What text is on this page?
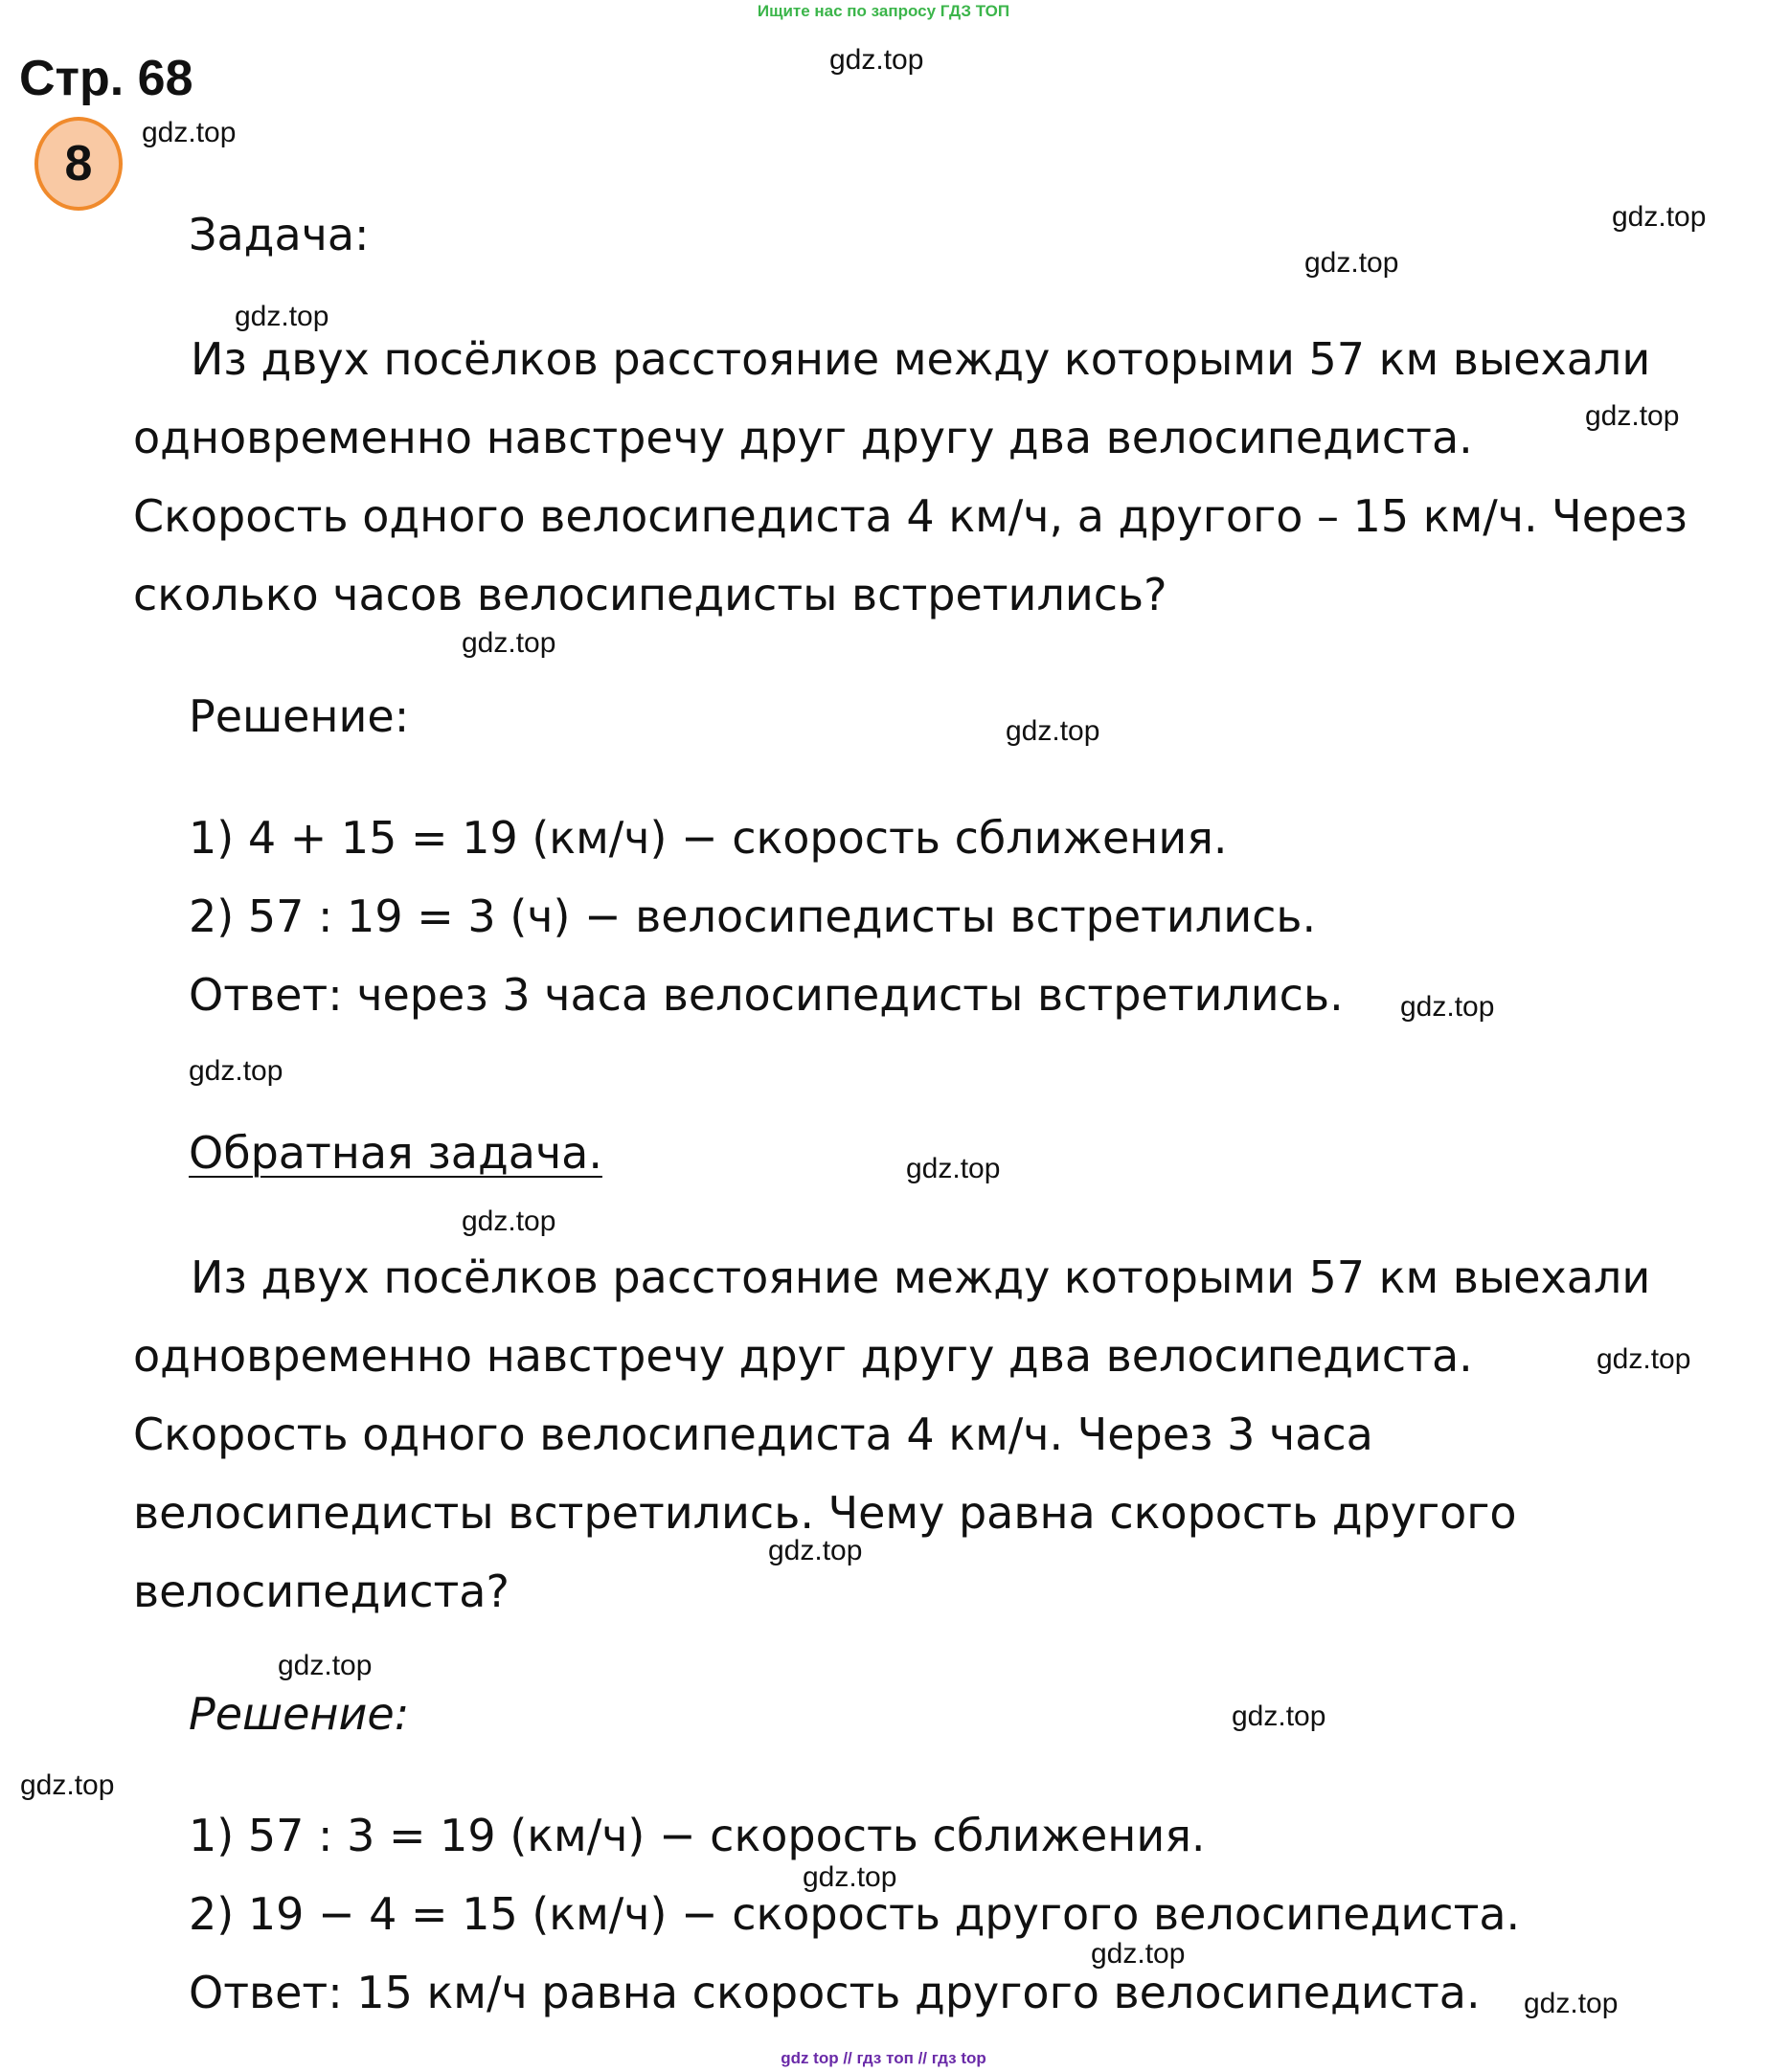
Ищите нас по запросу ГДЗ ТОП
Стр. 68
8
Задача:

Из двух посёлков расстояние между которыми 57 км выехали

одновременно навстречу друг другу два велосипедиста.

Скорость одного велосипедиста 4 км/ч, а другого – 15 км/ч. Через

сколько часов велосипедисты встретились?

Решение:
1) 4 + 15 = 19 (км/ч) − скорость сближения.
2) 57 : 19 = 3 (ч) − велосипедисты встретились.
Ответ: через 3 часа велосипедисты встретились.
Обратная задача.

Из двух посёлков расстояние между которыми 57 км выехали

одновременно навстречу друг другу два велосипедиста.

Скорость одного велосипедиста 4 км/ч. Через 3 часа

велосипедисты встретились. Чему равна скорость другого

велосипедиста?

Решение:
1) 57 : 3 = 19 (км/ч) − скорость сближения.
2) 19 − 4 = 15 (км/ч) − скорость другого велосипедиста.
Ответ: 15 км/ч равна скорость другого велосипедиста.
gdz.top
gdz.top
gdz.top
gdz.top
gdz.top
gdz.top
gdz.top
gdz.top
gdz.top
gdz.top
gdz.top
gdz.top
gdz.top
gdz.top
gdz.top
gdz.top
gdz.top
gdz.top
gdz.top
gdz.top
gdz top // гдз топ // гдз top
